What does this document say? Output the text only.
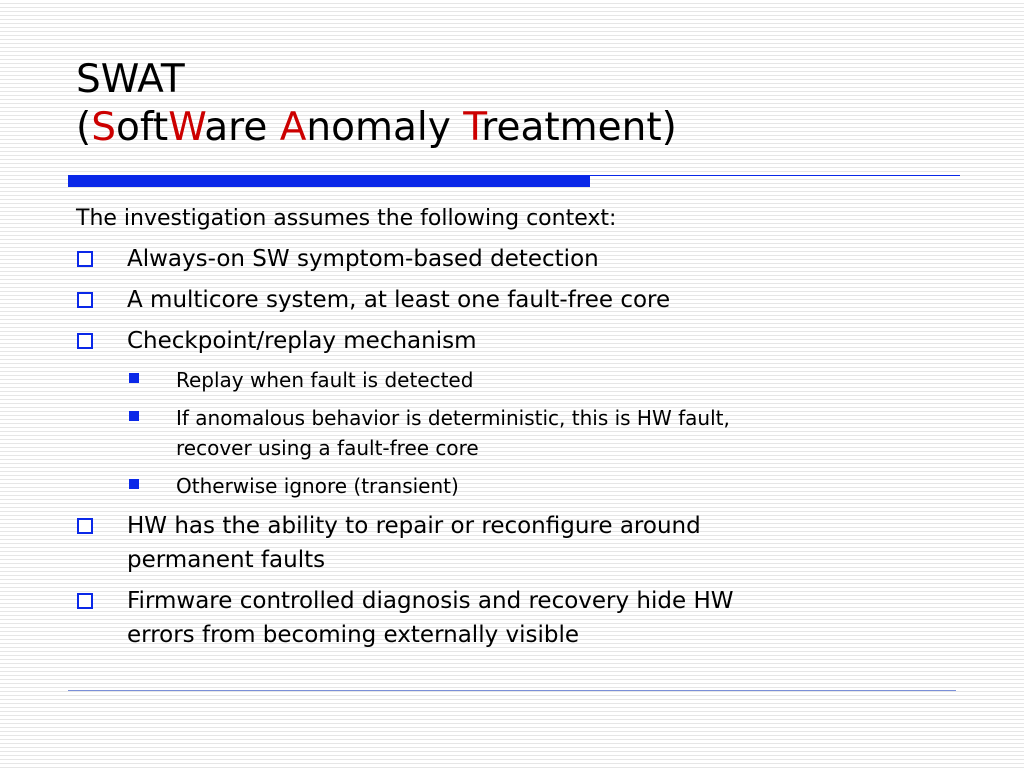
SWAT
(SoftWare Anomaly Treatment)

The investigation assumes the following context:

Always-on SW symptom-based detection
A multicore system, at least one fault-free core
Checkpoint/replay mechanism
Replay when fault is detected
If anomalous behavior is deterministic, this is HW fault,
recover using a fault-free core
Otherwise ignore (transient)
HW has the ability to repair or reconfigure around
permanent faults
Firmware controlled diagnosis and recovery hide HW
errors from becoming externally visible
